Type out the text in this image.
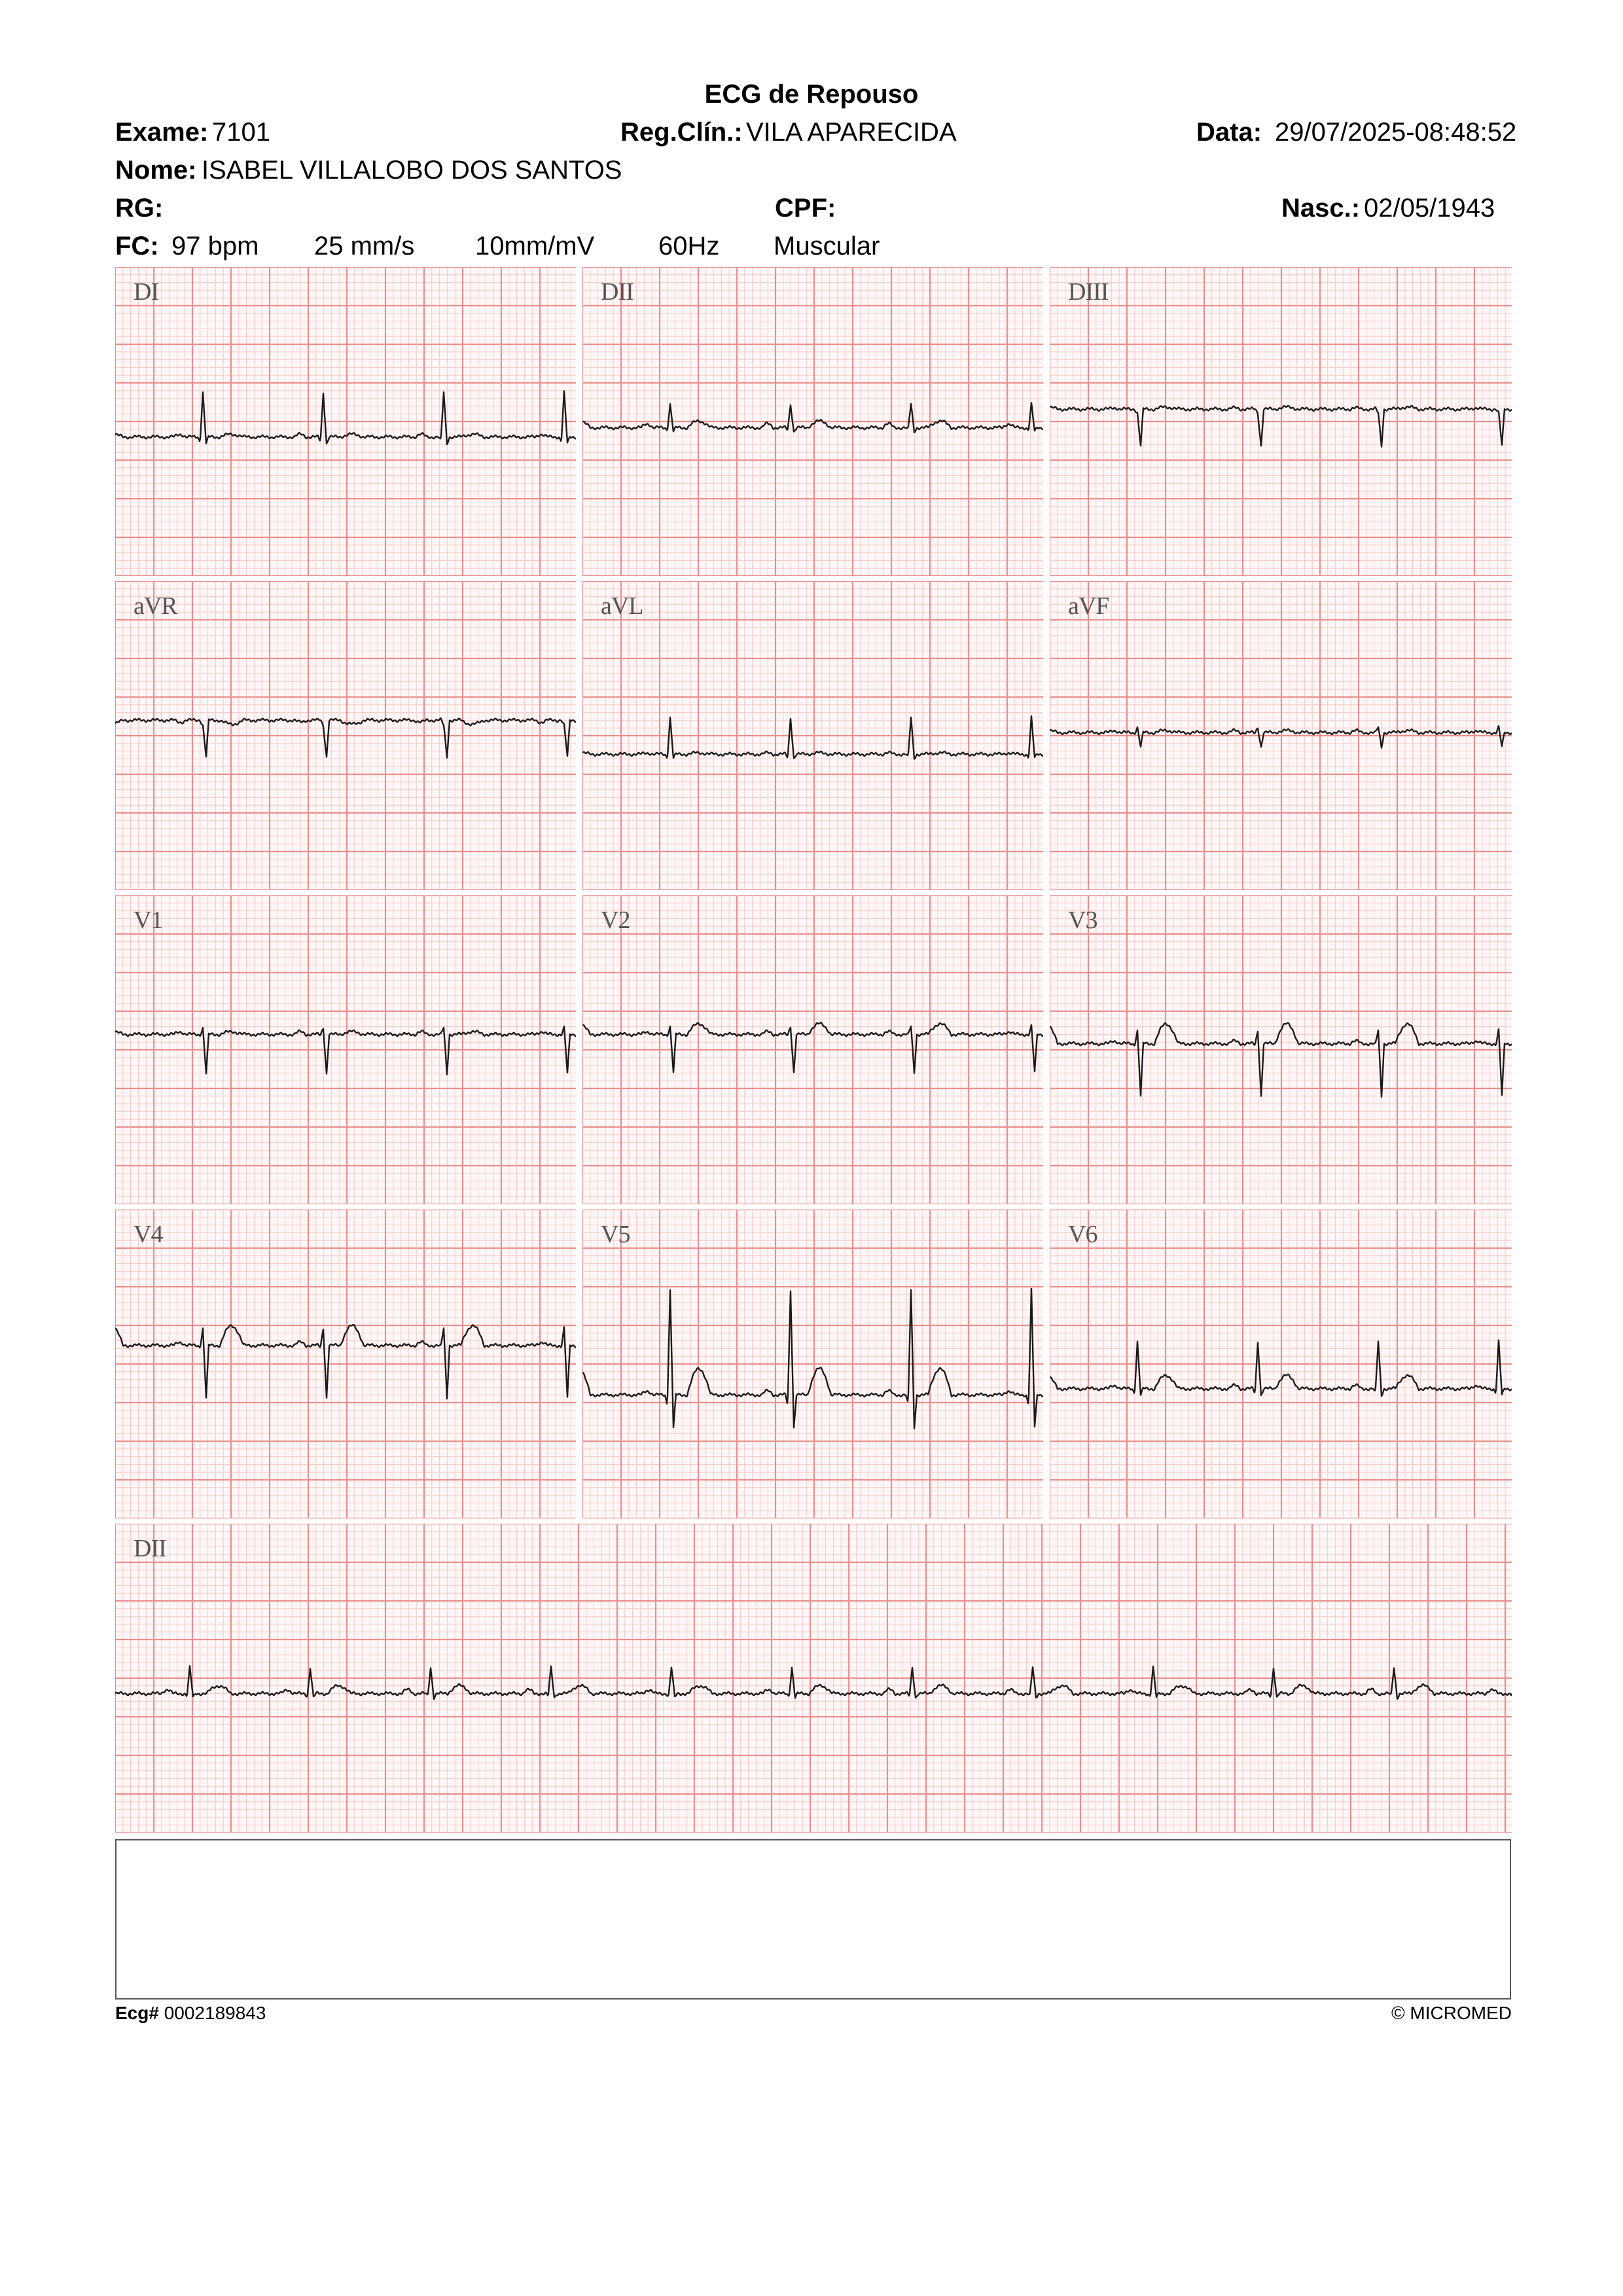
ECG de Repouso
Exame: 7101	Reg.Clín.: VILA APARECIDA	Data: 29/07/2025-08:48:52
Nome: ISABEL VILLALOBO DOS SANTOS
RG:	CPF:	Nasc.: 02/05/1943
FC: 97 bpm 25 mm/s 10mm/mV 60Hz Muscular
DI	DII	DIII
aVR	aVL	aVF
V1	V2	V3
V4	V5	V6
DII
Ecg# 0002189843	© MICROMED
